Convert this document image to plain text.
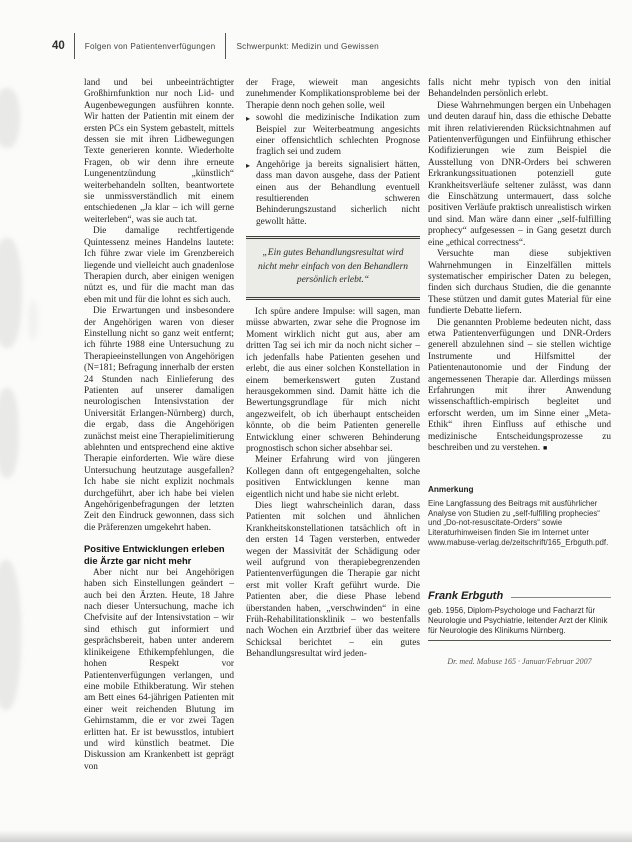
40	Folgen von Patientenverfügungen	Schwerpunkt: Medizin und Gewissen

land und bei unbeeinträchtigter Großhirnfunktion nur noch Lid- und Augenbewegungen ausführen konnte. Wir hatten der Patientin mit einem der ersten PCs ein System gebastelt, mittels dessen sie mit ihren Lidbewegungen Texte generieren konnte. Wiederholte Fragen, ob wir denn ihre erneute Lungenentzündung „künstlich“ weiterbehandeln sollten, beantwortete sie unmissverständlich mit einem entschiedenen „Ja klar – ich will gerne weiterleben“, was sie auch tat.

Die damalige rechtfertigende Quintessenz meines Handelns lautete: Ich führe zwar viele im Grenzbereich liegende und vielleicht auch gnadenlose Therapien durch, aber einigen wenigen nützt es, und für die macht man das eben mit und für die lohnt es sich auch.

Die Erwartungen und insbesondere der Angehörigen waren von dieser Einstellung nicht so ganz weit entfernt; ich führte 1988 eine Untersuchung zu Therapieeinstellungen von Angehörigen (N=181; Befragung innerhalb der ersten 24 Stunden nach Einlieferung des Patienten auf unserer damaligen neurologischen Intensivstation der Universität Erlangen-Nürnberg) durch, die ergab, dass die Angehörigen zunächst meist eine Therapielimitierung ablehnten und entsprechend eine aktive Therapie einforderten. Wie wäre diese Untersuchung heutzutage ausgefallen? Ich habe sie nicht explizit nochmals durchgeführt, aber ich habe bei vielen Angehörigenbefragungen der letzten Zeit den Eindruck gewonnen, dass sich die Präferenzen umgekehrt haben.

Positive Entwicklungen erleben die Ärzte gar nicht mehr

Aber nicht nur bei Angehörigen haben sich Einstellungen geändert – auch bei den Ärzten. Heute, 18 Jahre nach dieser Untersuchung, mache ich Chefvisite auf der Intensivstation – wir sind ethisch gut informiert und gesprächsbereit, haben unter anderem klinikeigene Ethikempfehlungen, die hohen Respekt vor Patientenverfügungen verlangen, und eine mobile Ethikberatung. Wir stehen am Bett eines 64-jährigen Patienten mit einer weit reichenden Blutung im Gehirnstamm, die er vor zwei Tagen erlitten hat. Er ist bewusstlos, intubiert und wird künstlich beatmet. Die Diskussion am Krankenbett ist geprägt von

der Frage, wieweit man angesichts zunehmender Komplikationsprobleme bei der Therapie denn noch gehen solle, weil

▸ sowohl die medizinische Indikation zum Beispiel zur Weiterbeatmung angesichts einer offensichtlich schlechten Prognose fraglich sei und zudem
▸ Angehörige ja bereits signalisiert hätten, dass man davon ausgehe, dass der Patient einen aus der Behandlung eventuell resultierenden schweren Behinderungszustand sicherlich nicht gewollt hätte.
„Ein gutes Behandlungsresultat wird nicht mehr einfach von den Behandlern persönlich erlebt.“

Ich spüre andere Impulse: will sagen, man müsse abwarten, zwar sehe die Prognose im Moment wirklich nicht gut aus, aber am dritten Tag sei ich mir da noch nicht sicher – ich jedenfalls habe Patienten gesehen und erlebt, die aus einer solchen Konstellation in einem bemerkenswert guten Zustand herausgekommen sind. Damit hätte ich die Bewertungsgrundlage für mich nicht angezweifelt, ob ich überhaupt entscheiden könnte, ob die beim Patienten generelle Entwicklung einer schweren Behinderung prognostisch schon sicher absehbar sei.

Meiner Erfahrung wird von jüngeren Kollegen dann oft entgegengehalten, solche positiven Entwicklungen kenne man eigentlich nicht und habe sie nicht erlebt.

Dies liegt wahrscheinlich daran, dass Patienten mit solchen und ähnlichen Krankheitskonstellationen tatsächlich oft in den ersten 14 Tagen versterben, entweder wegen der Massivität der Schädigung oder weil aufgrund von therapiebegrenzenden Patientenverfügungen die Therapie gar nicht erst mit voller Kraft geführt wurde. Die Patienten aber, die diese Phase lebend überstanden haben, „verschwinden“ in eine Früh-Rehabilitationsklinik – wo bestenfalls nach Wochen ein Arztbrief über das weitere Schicksal berichtet – ein gutes Behandlungsresultat wird jeden-

falls nicht mehr typisch von den initial Behandelnden persönlich erlebt.

Diese Wahrnehmungen bergen ein Unbehagen und deuten darauf hin, dass die ethische Debatte mit ihren relativierenden Rücksichtnahmen auf Patientenverfügungen und Einführung ethischer Kodifizierungen wie zum Beispiel die Ausstellung von DNR-Orders bei schweren Erkrankungssituationen potenziell gute Krankheitsverläufe seltener zulässt, was dann die Einschätzung untermauert, dass solche positiven Verläufe praktisch unrealistisch wirken und sind. Man wäre dann einer „self-fulfilling prophecy“ aufgesessen – in Gang gesetzt durch eine „ethical correctness“.

Versuchte man diese subjektiven Wahrnehmungen in Einzelfällen mittels systematischer empirischer Daten zu belegen, finden sich durchaus Studien, die die genannte These stützen und damit gutes Material für eine fundierte Debatte liefern.

Die genannten Probleme bedeuten nicht, dass etwa Patientenverfügungen und DNR-Orders generell abzulehnen sind – sie stellen wichtige Instrumente und Hilfsmittel der Patientenautonomie und der Findung der angemessenen Therapie dar. Allerdings müssen Erfahrungen mit ihrer Anwendung wissenschaftlich-empirisch begleitet und erforscht werden, um im Sinne einer „Meta-Ethik“ ihren Einfluss auf ethische und medizinische Entscheidungsprozesse zu beschreiben und zu verstehen. ■

Anmerkung
Eine Langfassung des Beitrags mit ausführlicher Analyse von Studien zu „self-fulfilling prophecies“ und „Do-not-resuscitate-Orders“ sowie Literaturhinweisen finden Sie im Internet unter www.mabuse-verlag.de/zeitschrift/165_Erbguth.pdf.
Frank Erbguth
geb. 1956, Diplom-Psychologe und Facharzt für Neurologie und Psychiatrie, leitender Arzt der Klinik für Neurologie des Klinikums Nürnberg.
Dr. med. Mabuse 165 · Januar/Februar 2007
